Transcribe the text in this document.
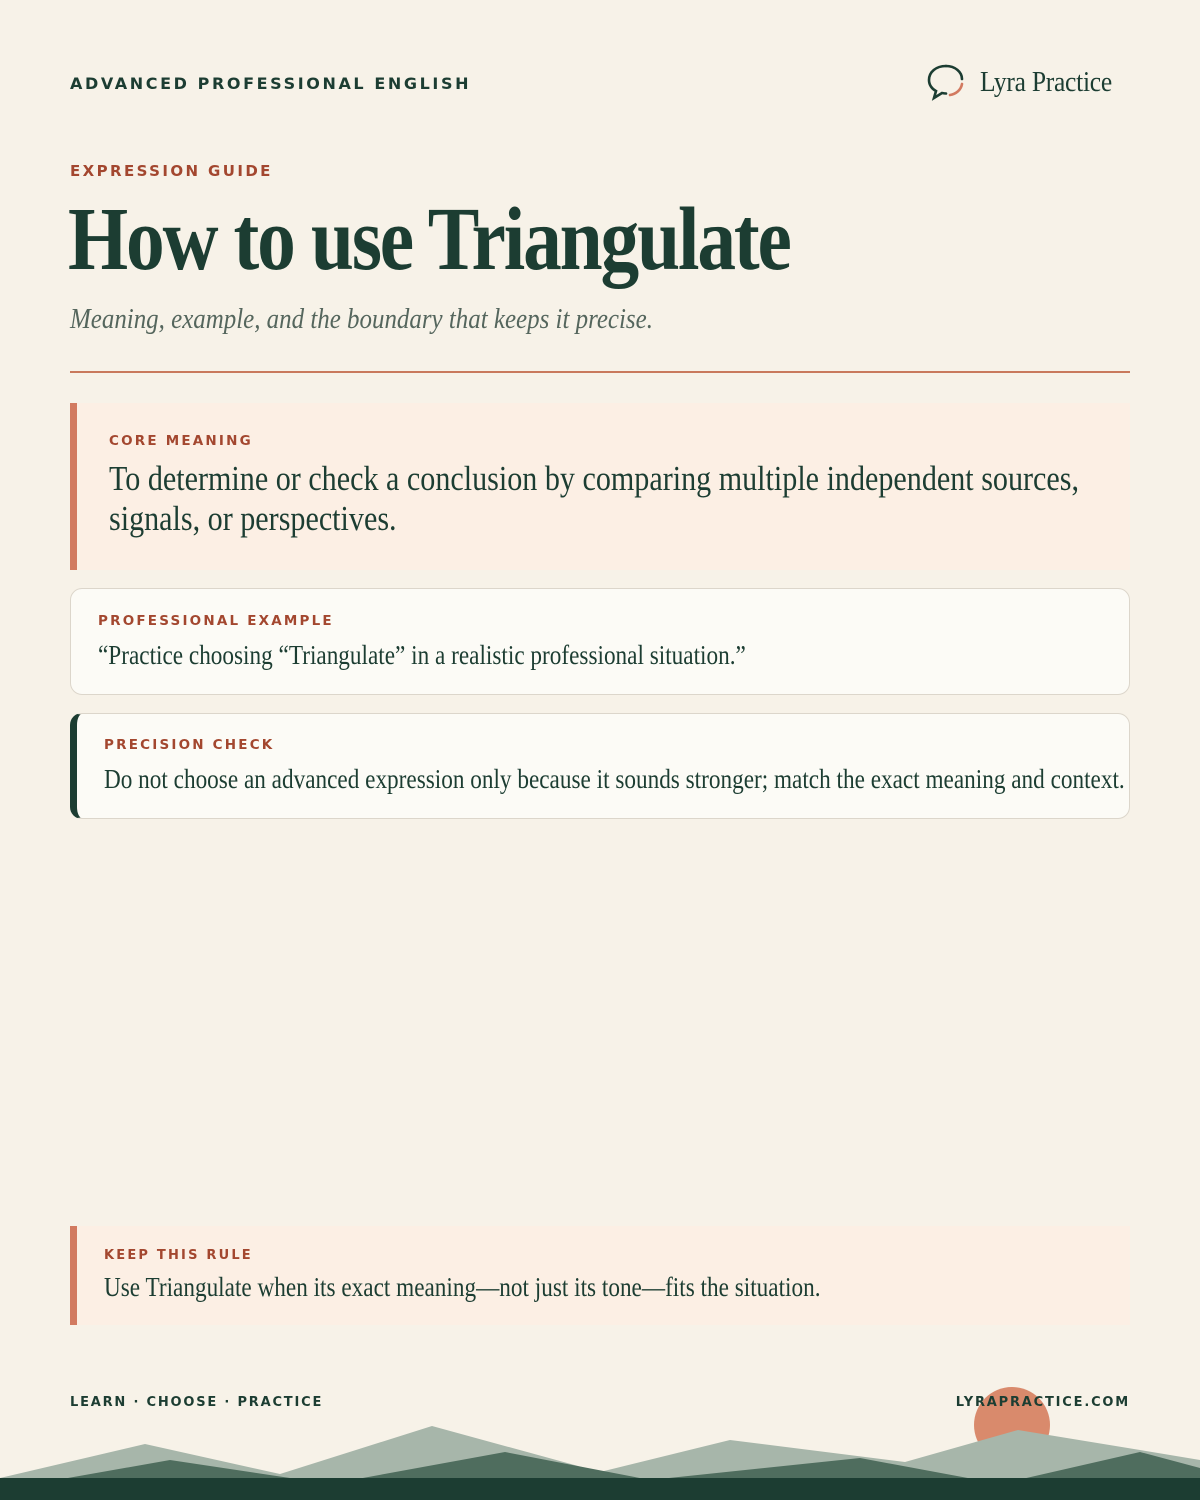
ADVANCED PROFESSIONAL ENGLISH	Lyra Practice
EXPRESSION GUIDE
How to use Triangulate
Meaning, example, and the boundary that keeps it precise.
CORE MEANING

To determine or check a conclusion by comparing multiple independent sources, signals, or perspectives.

PROFESSIONAL EXAMPLE

“Practice choosing “Triangulate” in a realistic professional situation.”

PRECISION CHECK

Do not choose an advanced expression only because it sounds stronger; match the exact meaning and context.

KEEP THIS RULE

Use Triangulate when its exact meaning—not just its tone—fits the situation.

LEARN · CHOOSE · PRACTICE	LYRAPRACTICE.COM
